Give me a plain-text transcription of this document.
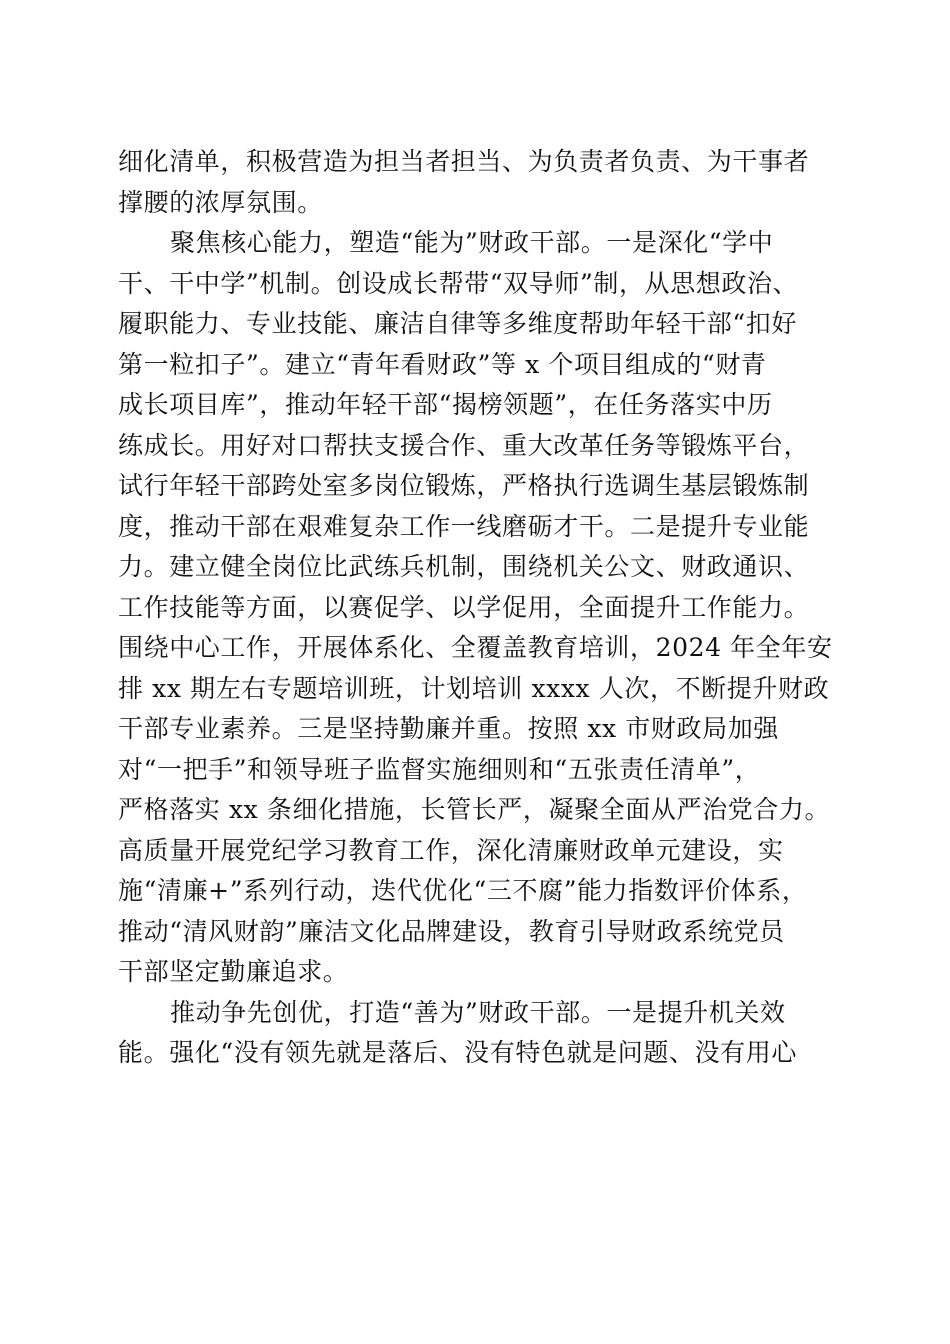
细化清单，积极营造为担当者担当、为负责者负责、为干事者
撑腰的浓厚氛围。
聚焦核心能力，塑造“能为”财政干部。一是深化“学中
干、干中学”机制。创设成长帮带“双导师”制，从思想政治、
履职能力、专业技能、廉洁自律等多维度帮助年轻干部“扣好
第一粒扣子”。建立“青年看财政”等 x 个项目组成的“财青
成长项目库”，推动年轻干部“揭榜领题”，在任务落实中历
练成长。用好对口帮扶支援合作、重大改革任务等锻炼平台，
试行年轻干部跨处室多岗位锻炼，严格执行选调生基层锻炼制
度，推动干部在艰难复杂工作一线磨砺才干。二是提升专业能
力。建立健全岗位比武练兵机制，围绕机关公文、财政通识、
工作技能等方面，以赛促学、以学促用，全面提升工作能力。
围绕中心工作，开展体系化、全覆盖教育培训，2024 年全年安
排 xx 期左右专题培训班，计划培训 xxxx 人次，不断提升财政
干部专业素养。三是坚持勤廉并重。按照 xx 市财政局加强
对“一把手”和领导班子监督实施细则和“五张责任清单”，
严格落实 xx 条细化措施，长管长严，凝聚全面从严治党合力。
高质量开展党纪学习教育工作，深化清廉财政单元建设，实
施“清廉+”系列行动，迭代优化“三不腐”能力指数评价体系，
推动“清风财韵”廉洁文化品牌建设，教育引导财政系统党员
干部坚定勤廉追求。
推动争先创优，打造“善为”财政干部。一是提升机关效
能。强化“没有领先就是落后、没有特色就是问题、没有用心
